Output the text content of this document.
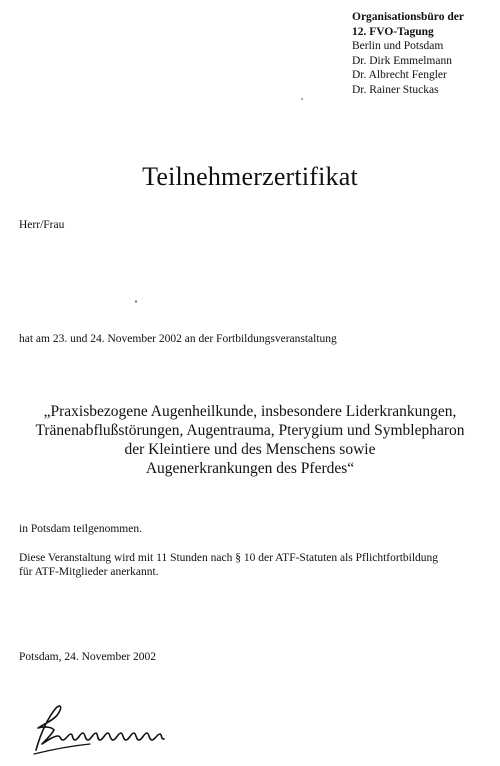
Organisationsbüro der
12. FVO-Tagung
Berlin und Potsdam
Dr. Dirk Emmelmann
Dr. Albrecht Fengler
Dr. Rainer Stuckas
Teilnehmerzertifikat
Herr/Frau
hat am 23. und 24. November 2002 an der Fortbildungsveranstaltung
„Praxisbezogene Augenheilkunde, insbesondere Liderkrankungen,
Tränenabflußstörungen, Augentrauma, Pterygium und Symblepharon
der Kleintiere und des Menschens sowie
Augenerkrankungen des Pferdes“
in Potsdam teilgenommen.
Diese Veranstaltung wird mit 11 Stunden nach § 10 der ATF-Statuten als Pflichtfortbildung
für ATF-Mitglieder anerkannt.
Potsdam, 24. November 2002
